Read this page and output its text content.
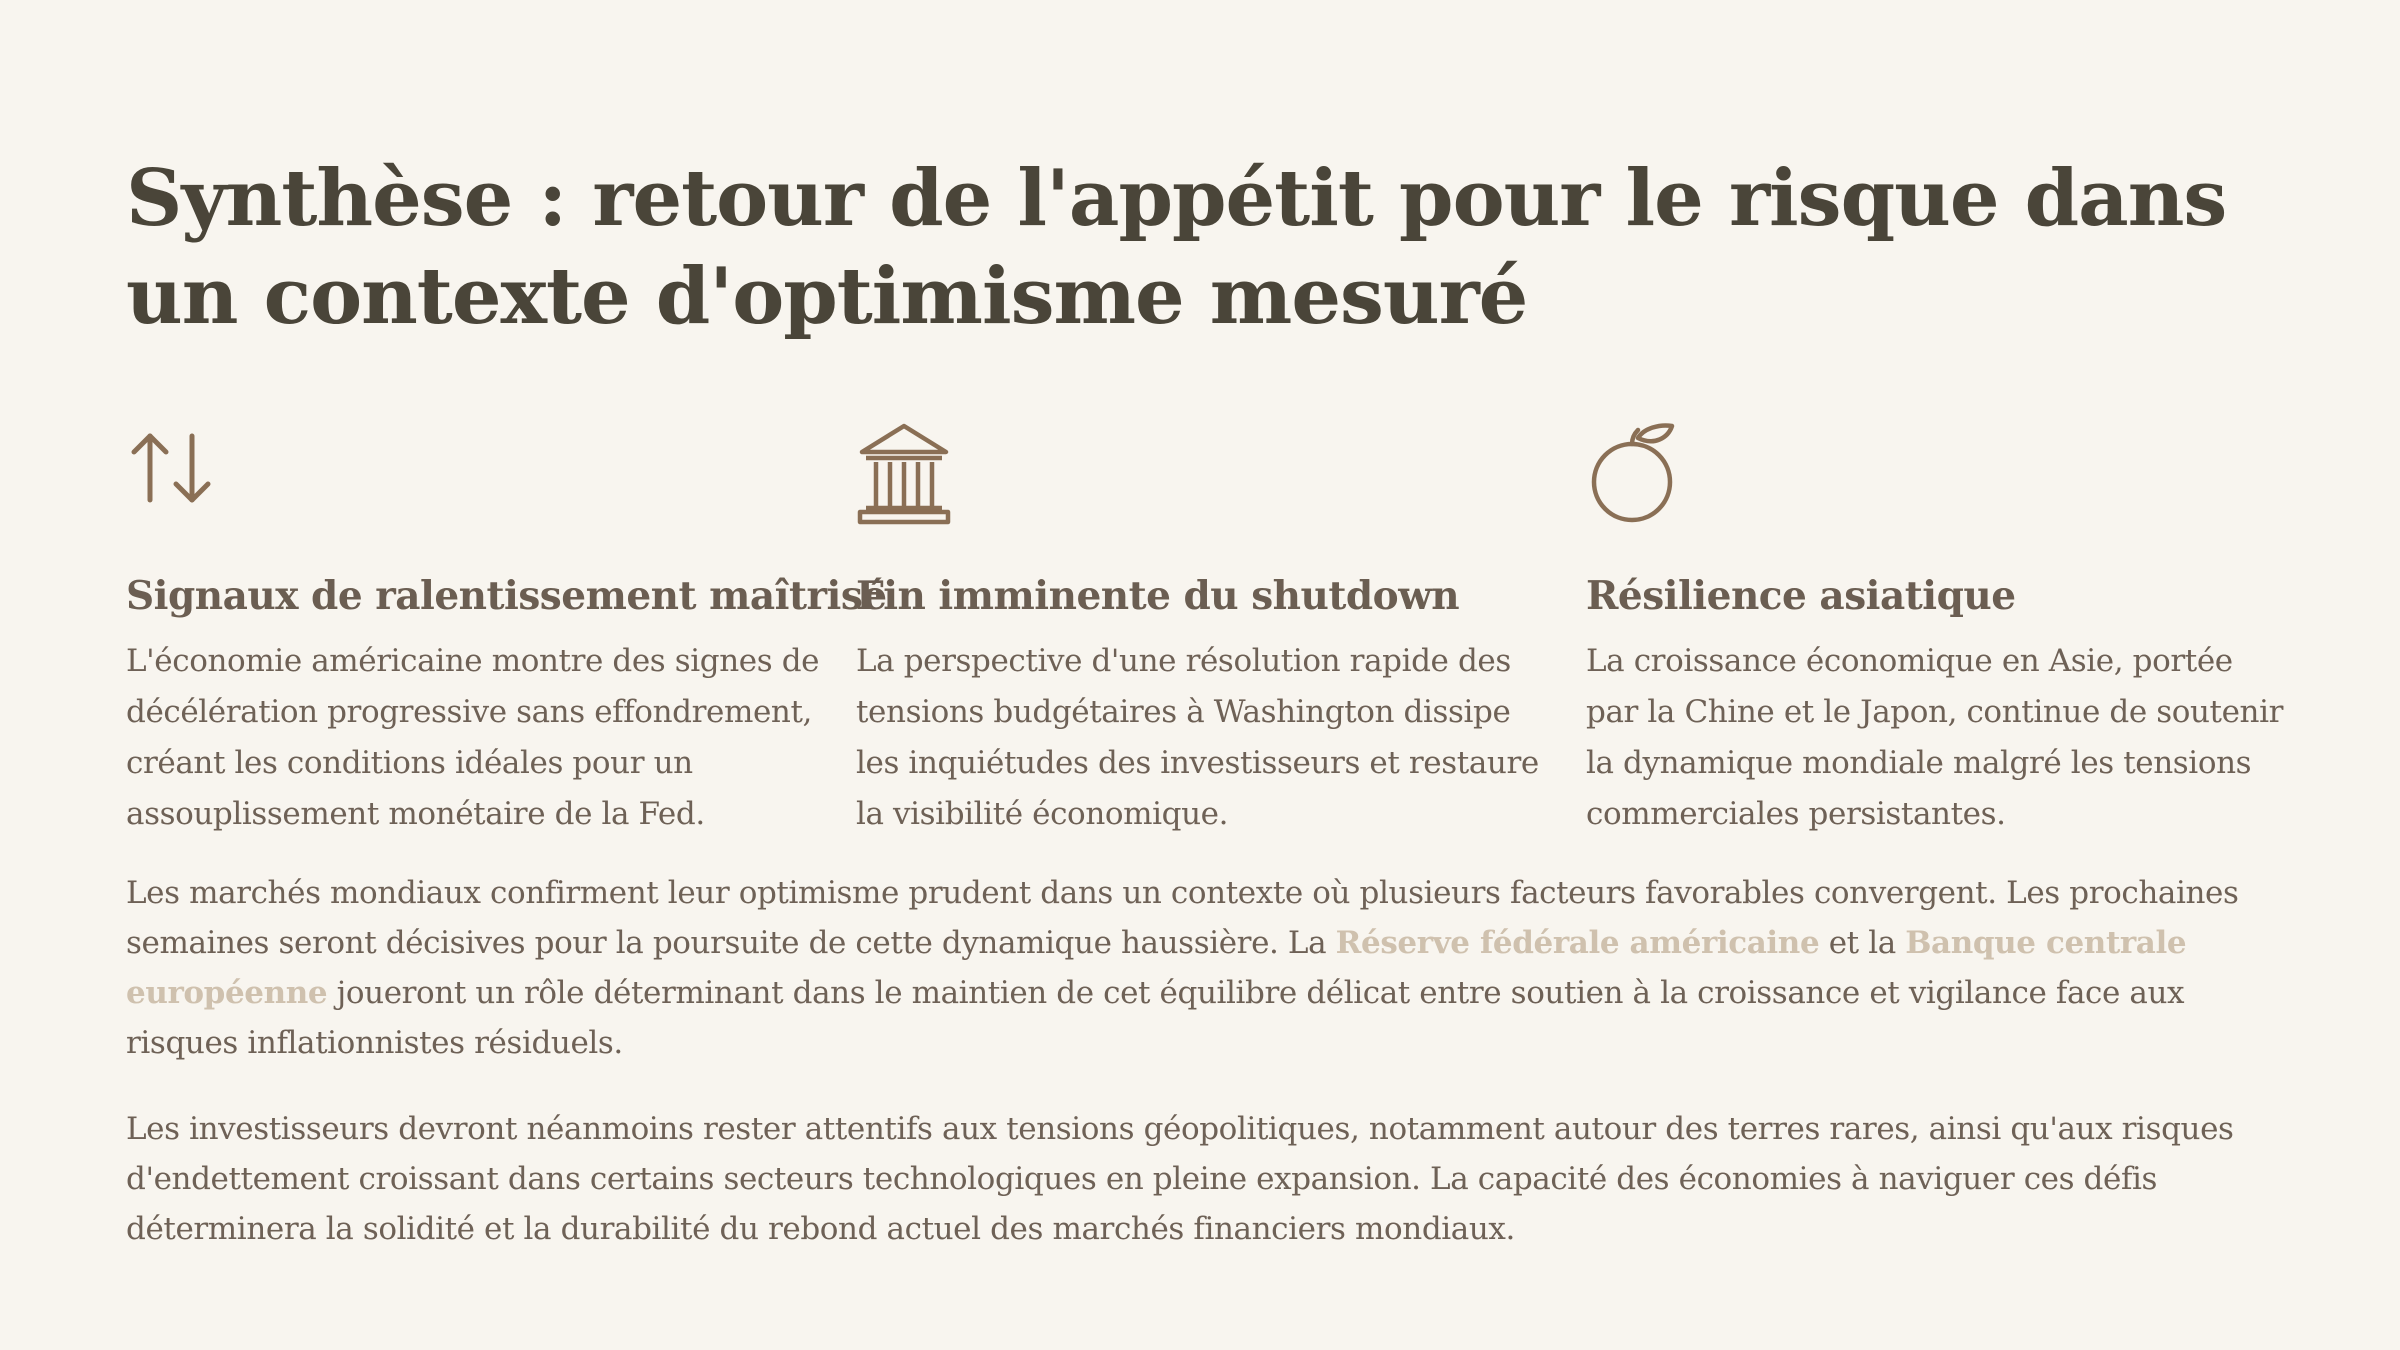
Synthèse : retour de l'appétit pour le risque dans un contexte d'optimisme mesuré
Signaux de ralentissement maîtrisé

L'économie américaine montre des signes de décélération progressive sans effondrement, créant les conditions idéales pour un assouplissement monétaire de la Fed.

Fin imminente du shutdown

La perspective d'une résolution rapide des tensions budgétaires à Washington dissipe les inquiétudes des investisseurs et restaure la visibilité économique.

Résilience asiatique

La croissance économique en Asie, portée par la Chine et le Japon, continue de soutenir la dynamique mondiale malgré les tensions commerciales persistantes.

Les marchés mondiaux confirment leur optimisme prudent dans un contexte où plusieurs facteurs favorables convergent. Les prochaines semaines seront décisives pour la poursuite de cette dynamique haussière. La Réserve fédérale américaine et la Banque centrale européenne joueront un rôle déterminant dans le maintien de cet équilibre délicat entre soutien à la croissance et vigilance face aux risques inflationnistes résiduels.

Les investisseurs devront néanmoins rester attentifs aux tensions géopolitiques, notamment autour des terres rares, ainsi qu'aux risques d'endettement croissant dans certains secteurs technologiques en pleine expansion. La capacité des économies à naviguer ces défis déterminera la solidité et la durabilité du rebond actuel des marchés financiers mondiaux.
